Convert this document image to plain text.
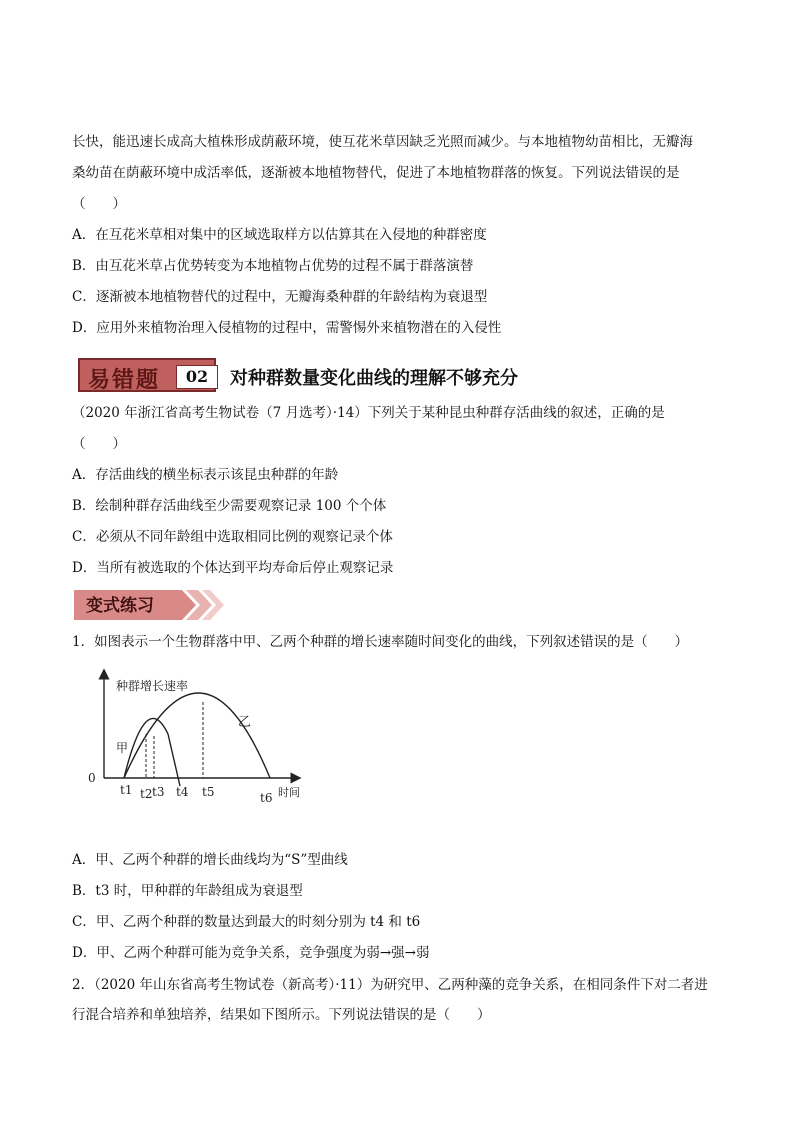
长快，能迅速长成高大植株形成荫蔽环境，使互花米草因缺乏光照而减少。与本地植物幼苗相比，无瓣海
桑幼苗在荫蔽环境中成活率低，逐渐被本地植物替代，促进了本地植物群落的恢复。下列说法错误的是
（　　）
A．在互花米草相对集中的区域选取样方以估算其在入侵地的种群密度
B．由互花米草占优势转变为本地植物占优势的过程不属于群落演替
C．逐渐被本地植物替代的过程中，无瓣海桑种群的年龄结构为衰退型
D．应用外来植物治理入侵植物的过程中，需警惕外来植物潜在的入侵性
易错题	02	对种群数量变化曲线的理解不够充分
（2020 年浙江省高考生物试卷（7 月选考）·14）下列关于某种昆虫种群存活曲线的叙述，正确的是
（　　）
A．存活曲线的横坐标表示该昆虫种群的年龄
B．绘制种群存活曲线至少需要观察记录 100 个个体
C．必须从不同年龄组中选取相同比例的观察记录个体
D．当所有被选取的个体达到平均寿命后停止观察记录
变式练习
1．如图表示一个生物群落中甲、乙两个种群的增长速率随时间变化的曲线，下列叙述错误的是（　　）
种群增长速率
时间
0
甲
乙
t1 t2 t3 t4 t5	t6
A．甲、乙两个种群的增长曲线均为“S”型曲线
B．t3 时，甲种群的年龄组成为衰退型
C．甲、乙两个种群的数量达到最大的时刻分别为 t4 和 t6
D．甲、乙两个种群可能为竞争关系，竞争强度为弱→强→弱
2．（2020 年山东省高考生物试卷（新高考）·11）为研究甲、乙两种藻的竞争关系，在相同条件下对二者进
行混合培养和单独培养，结果如下图所示。下列说法错误的是（　　）
